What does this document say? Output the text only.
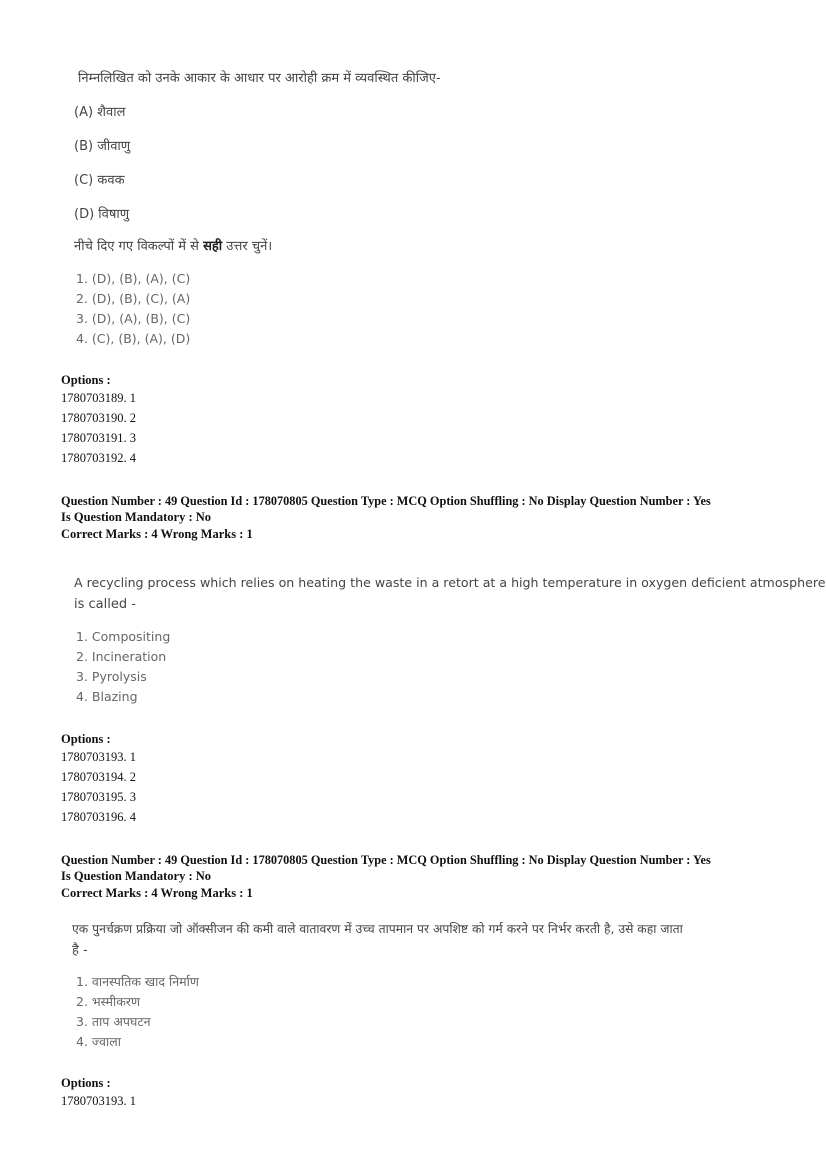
निम्नलिखित को उनके आकार के आधार पर आरोही क्रम में व्यवस्थित कीजिए-
(A) शैवाल
(B) जीवाणु
(C) कवक
(D) विषाणु
नीचे दिए गए विकल्पों में से सही उत्तर चुनें।
1. (D), (B), (A), (C)
2. (D), (B), (C), (A)
3. (D), (A), (B), (C)
4. (C), (B), (A), (D)
Options :
1780703189. 1
1780703190. 2
1780703191. 3
1780703192. 4
Question Number : 49 Question Id : 178070805 Question Type : MCQ Option Shuffling : No Display Question Number : Yes
Is Question Mandatory : No
Correct Marks : 4 Wrong Marks : 1
A recycling process which relies on heating the waste in a retort at a high temperature in oxygen deficient atmosphere
is called -
1. Compositing
2. Incineration
3. Pyrolysis
4. Blazing
Options :
1780703193. 1
1780703194. 2
1780703195. 3
1780703196. 4
Question Number : 49 Question Id : 178070805 Question Type : MCQ Option Shuffling : No Display Question Number : Yes
Is Question Mandatory : No
Correct Marks : 4 Wrong Marks : 1
एक पुनर्चक्रण प्रक्रिया जो ऑक्सीजन की कमी वाले वातावरण में उच्च तापमान पर अपशिष्ट को गर्म करने पर निर्भर करती है, उसे कहा जाता
है -
1. वानस्पतिक खाद निर्माण
2. भस्मीकरण
3. ताप अपघटन
4. ज्वाला
Options :
1780703193. 1
